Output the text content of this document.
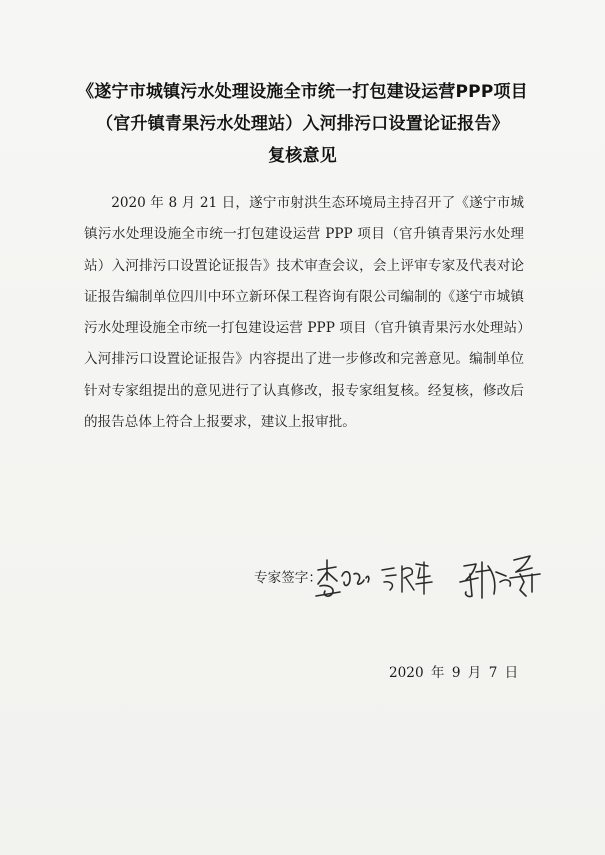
《遂宁市城镇污水处理设施全市统一打包建设运营PPP项目
（官升镇青果污水处理站）入河排污口设置论证报告》
复核意见
2020 年 8 月 21 日，遂宁市射洪生态环境局主持召开了《遂宁市城镇污水处理设施全市统一打包建设运营 PPP 项目（官升镇青果污水处理站）入河排污口设置论证报告》技术审查会议，会上评审专家及代表对论证报告编制单位四川中环立新环保工程咨询有限公司编制的《遂宁市城镇污水处理设施全市统一打包建设运营 PPP 项目（官升镇青果污水处理站）入河排污口设置论证报告》内容提出了进一步修改和完善意见。编制单位针对专家组提出的意见进行了认真修改，报专家组复核。经复核，修改后的报告总体上符合上报要求，建议上报审批。
专家签字：
2020 年 9 月 7 日
